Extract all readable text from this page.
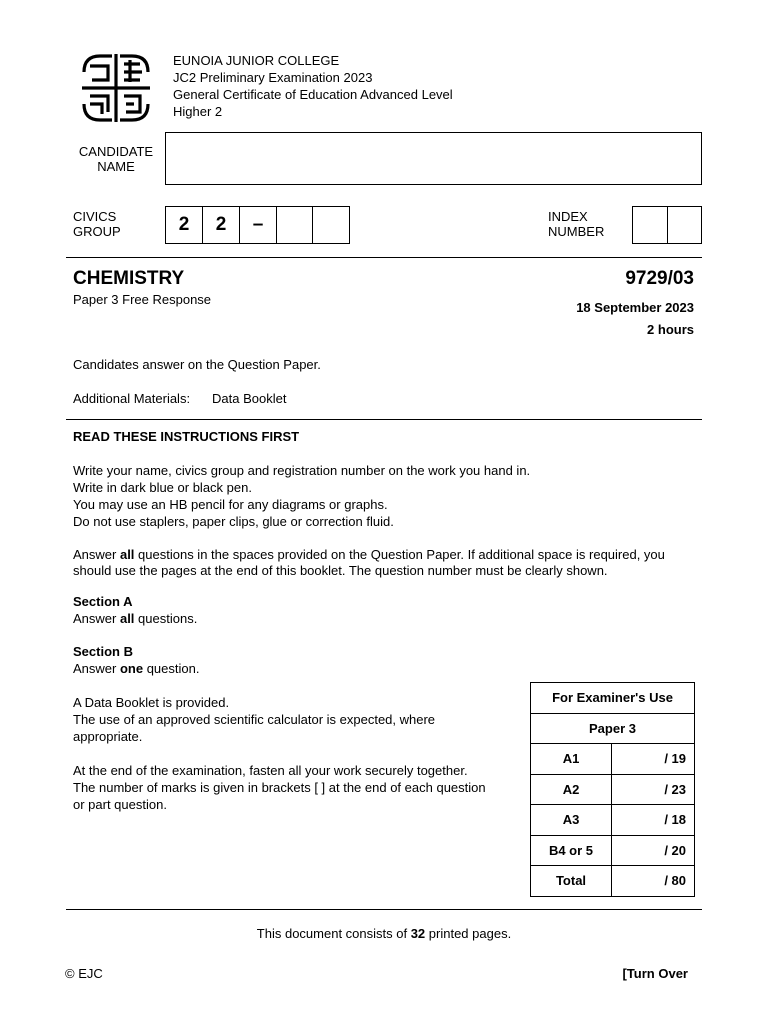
EUNOIA JUNIOR COLLEGE
JC2 Preliminary Examination 2023
General Certificate of Education Advanced Level
Higher 2
CANDIDATE
NAME
CIVICS
GROUP	2	2	–	INDEX
NUMBER
CHEMISTRY	9729/03
Paper 3 Free Response
18 September 2023
2 hours
Candidates answer on the Question Paper.
Additional Materials: Data Booklet
READ THESE INSTRUCTIONS FIRST
Write your name, civics group and registration number on the work you hand in.
Write in dark blue or black pen.
You may use an HB pencil for any diagrams or graphs.
Do not use staplers, paper clips, glue or correction fluid.
Answer all questions in the spaces provided on the Question Paper. If additional space is required, you
should use the pages at the end of this booklet. The question number must be clearly shown.
Section A
Answer all questions.
Section B
Answer one question.
A Data Booklet is provided.
The use of an approved scientific calculator is expected, where
appropriate.
At the end of the examination, fasten all your work securely together.
The number of marks is given in brackets [ ] at the end of each question
or part question.
For Examiner's Use	
Paper 3	
A1	/ 19
A2	/ 23
A3	/ 18
B4 or 5	/ 20
Total	/ 80
This document consists of 32 printed pages.
© EJC	[Turn Over
